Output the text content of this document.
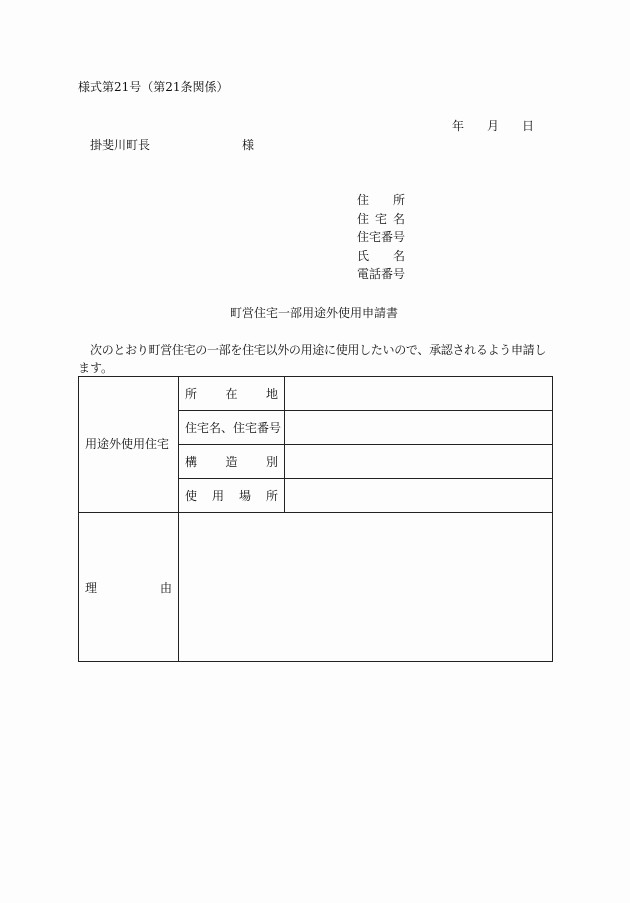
様式第21号（第21条関係）
年 月 日
掛斐川町長	様
住 所
住 宅 名
住宅番号
氏 名
電話番号
町営住宅一部用途外使用申請書
次のとおり町営住宅の一部を住宅以外の用途に使用したいので、承認されるよう申請し
ます。
用途外使用住宅
所 在 地
住宅名、住宅番号
構 造 別
使 用 場 所
理	由
